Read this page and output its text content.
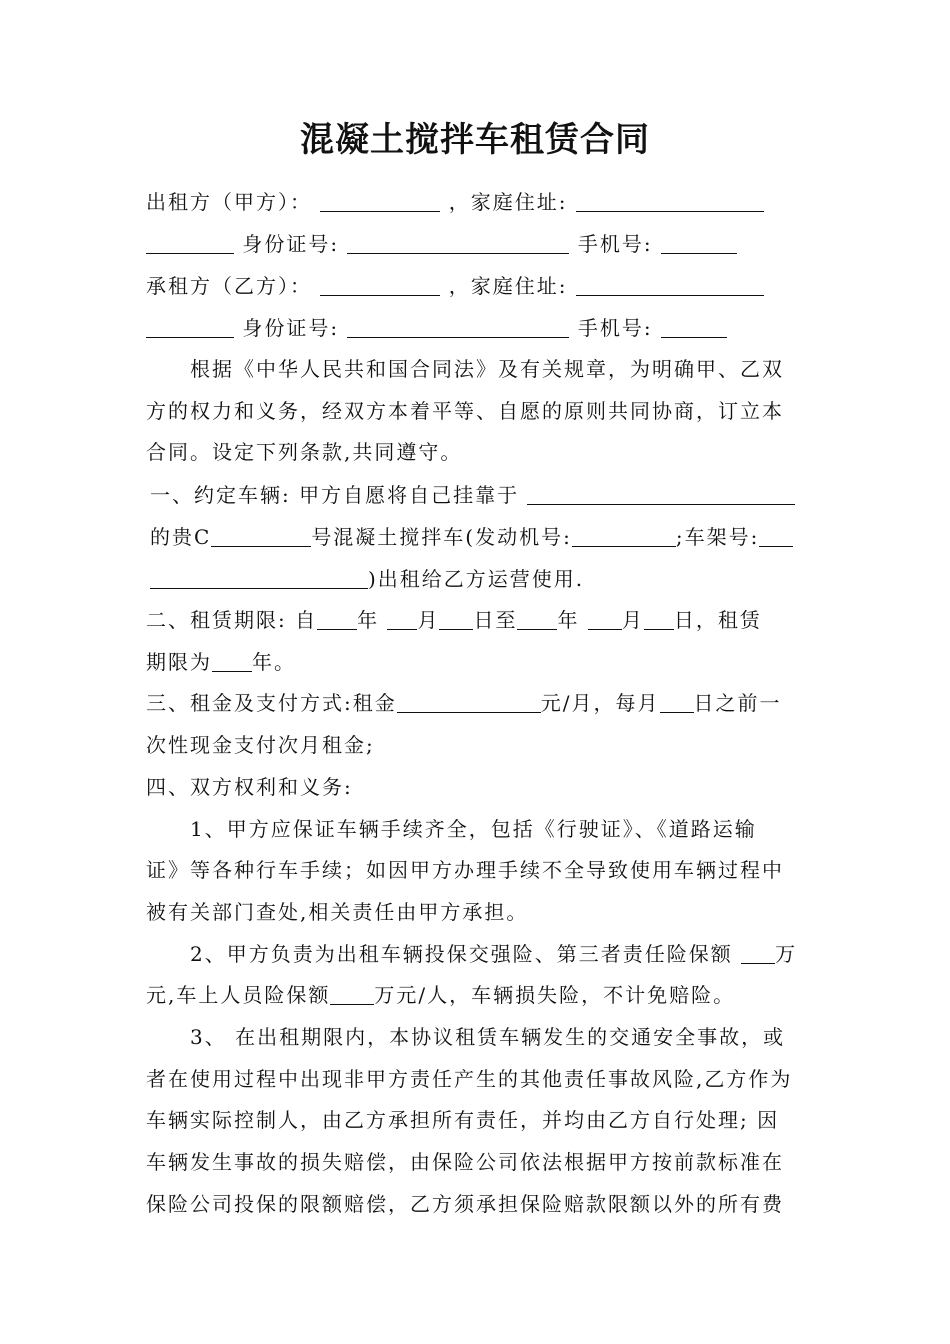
混凝土搅拌车租赁合同
出租方（甲方）：	，家庭住址:
身份证号:	手机号:
承租方（乙方）：	，家庭住址:
身份证号:	手机号:
根据《中华人民共和国合同法》及有关规章，为明确甲、乙双
方的权力和义务，经双方本着平等、自愿的原则共同协商，订立本
合同。设定下列条款,共同遵守。
一、约定车辆: 甲方自愿将自己挂靠于
的贵C	号混凝土搅拌车(发动机号:	;车架号:
)出租给乙方运营使用.
二、租赁期限: 自 年 月 日至 年 月 日，租赁
期限为 年。
三、租金及支付方式:租金	元/月，每月 日之前一
次性现金支付次月租金;
四、双方权利和义务:
1、甲方应保证车辆手续齐全，包括《行驶证》、《道路运输
证》等各种行车手续；如因甲方办理手续不全导致使用车辆过程中
被有关部门查处,相关责任由甲方承担。
2、甲方负责为出租车辆投保交强险、第三者责任险保额 万
元,车上人员险保额 万元/人，车辆损失险，不计免赔险。
3、 在出租期限内，本协议租赁车辆发生的交通安全事故，或
者在使用过程中出现非甲方责任产生的其他责任事故风险,乙方作为
车辆实际控制人，由乙方承担所有责任，并均由乙方自行处理; 因
车辆发生事故的损失赔偿，由保险公司依法根据甲方按前款标准在
保险公司投保的限额赔偿，乙方须承担保险赔款限额以外的所有费
